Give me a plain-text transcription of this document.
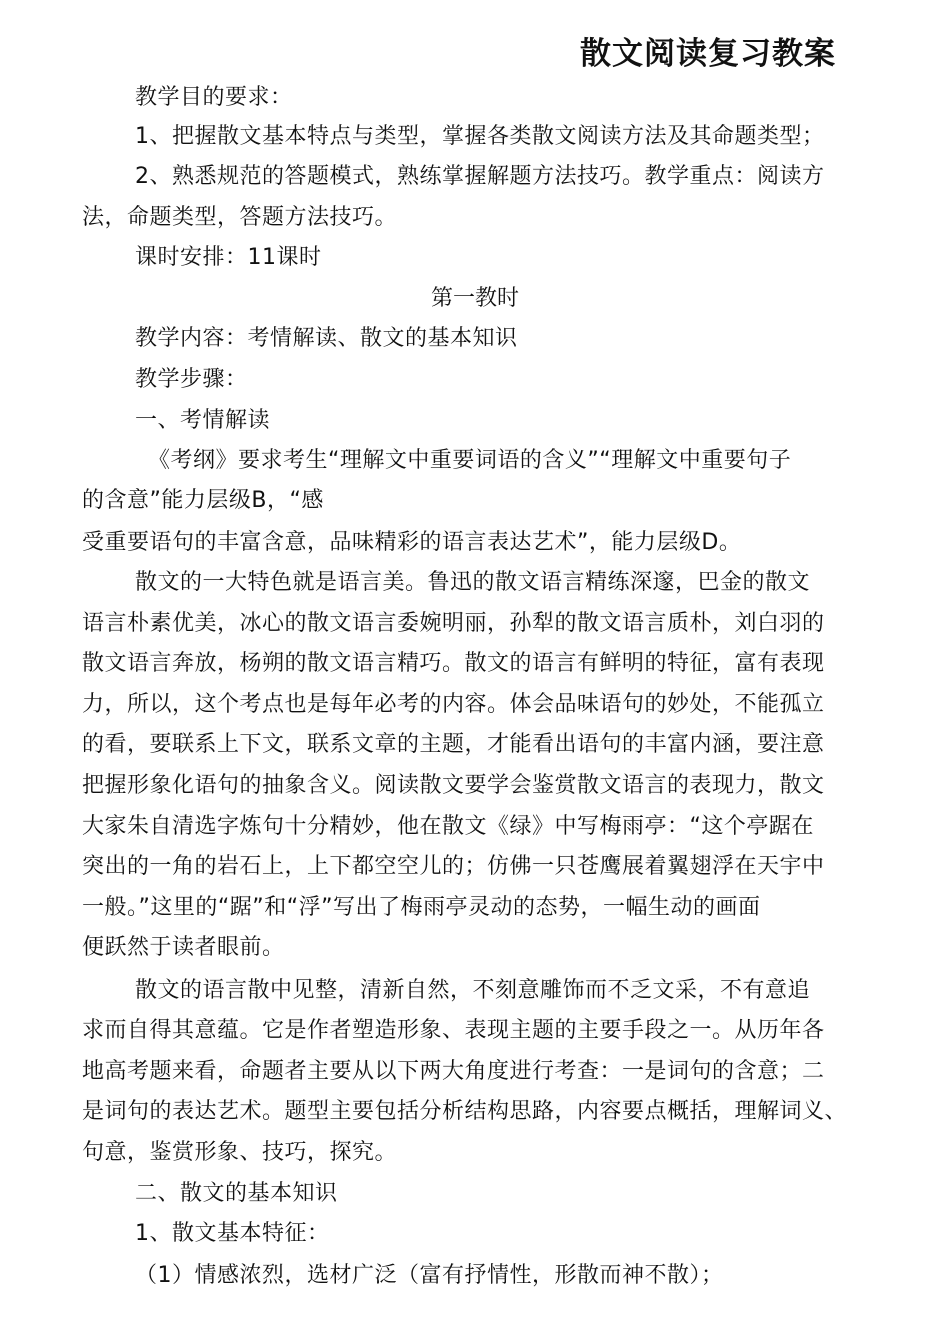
散文阅读复习教案
教学目的要求：
1、把握散文基本特点与类型，掌握各类散文阅读方法及其命题类型；
2、熟悉规范的答题模式，熟练掌握解题方法技巧。教学重点：阅读方
法，命题类型，答题方法技巧。
课时安排：11课时
第一教时
教学内容：考情解读、散文的基本知识
教学步骤：
一、考情解读
《考纲》要求考生“理解文中重要词语的含义”“理解文中重要句子
的含意”能力层级B，“感
受重要语句的丰富含意，品味精彩的语言表达艺术”，能力层级D。
散文的一大特色就是语言美。鲁迅的散文语言精练深邃，巴金的散文
语言朴素优美，冰心的散文语言委婉明丽，孙犁的散文语言质朴，刘白羽的
散文语言奔放，杨朔的散文语言精巧。散文的语言有鲜明的特征，富有表现
力，所以，这个考点也是每年必考的内容。体会品味语句的妙处，不能孤立
的看，要联系上下文，联系文章的主题，才能看出语句的丰富内涵，要注意
把握形象化语句的抽象含义。阅读散文要学会鉴赏散文语言的表现力，散文
大家朱自清选字炼句十分精妙，他在散文《绿》中写梅雨亭：“这个亭踞在
突出的一角的岩石上，上下都空空儿的；仿佛一只苍鹰展着翼翅浮在天宇中
一般。”这里的“踞”和“浮”写出了梅雨亭灵动的态势，一幅生动的画面
便跃然于读者眼前。
散文的语言散中见整，清新自然，不刻意雕饰而不乏文采，不有意追
求而自得其意蕴。它是作者塑造形象、表现主题的主要手段之一。从历年各
地高考题来看，命题者主要从以下两大角度进行考查：一是词句的含意；二
是词句的表达艺术。题型主要包括分析结构思路，内容要点概括，理解词义、
句意，鉴赏形象、技巧，探究。
二、散文的基本知识
1、散文基本特征：
（1）情感浓烈，选材广泛（富有抒情性，形散而神不散）；
